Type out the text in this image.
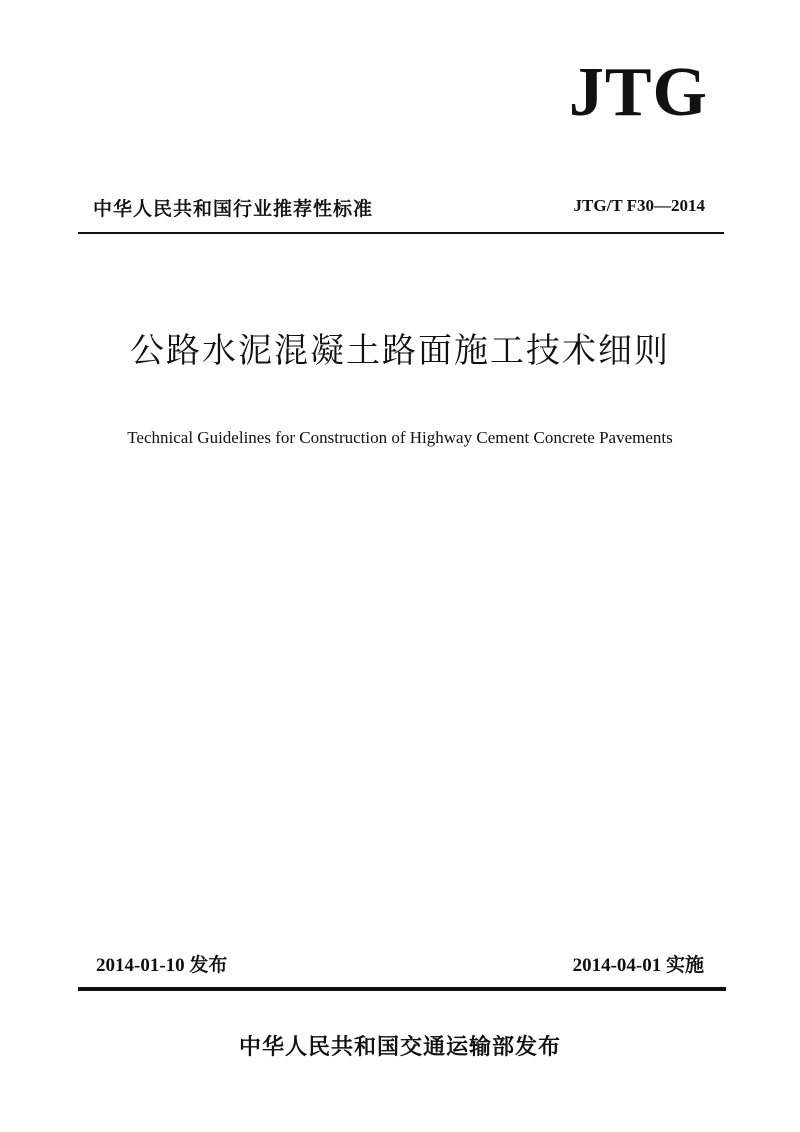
JTG
中华人民共和国行业推荐性标准	JTG/T F30—2014
公路水泥混凝土路面施工技术细则
Technical Guidelines for Construction of Highway Cement Concrete Pavements
2014-01-10 发布	2014-04-01 实施
中华人民共和国交通运输部发布
